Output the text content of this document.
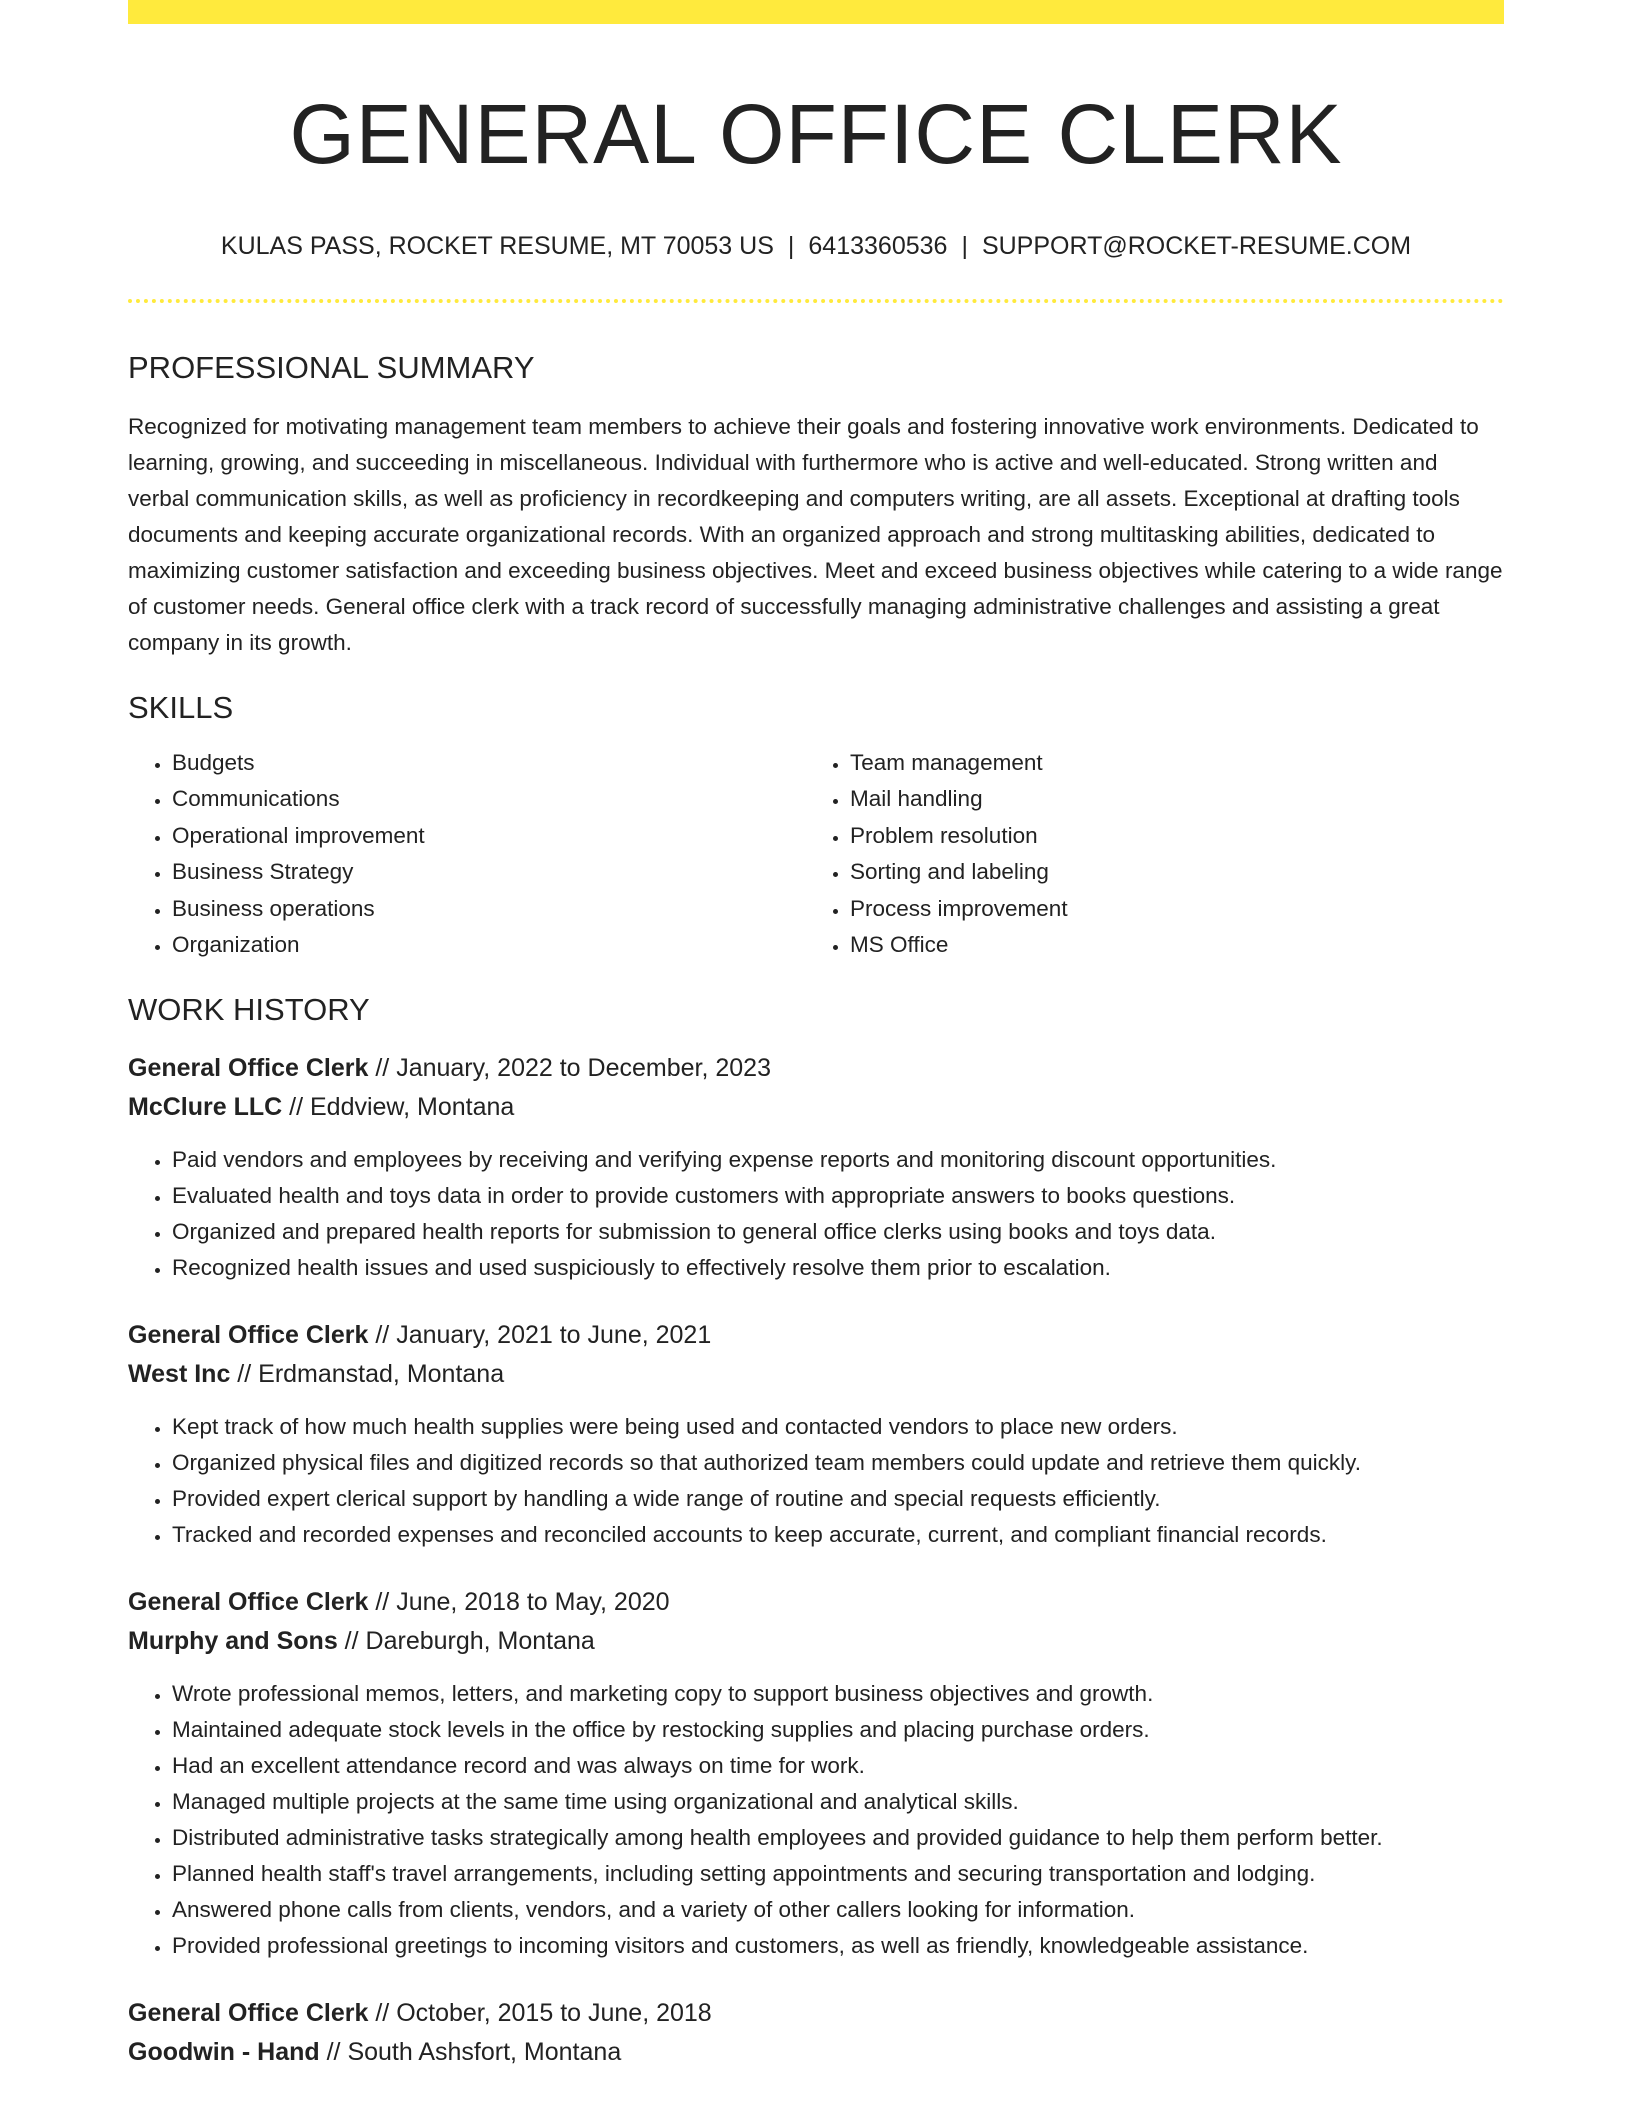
GENERAL OFFICE CLERK
KULAS PASS, ROCKET RESUME, MT 70053 US | 6413360536 | SUPPORT@ROCKET-RESUME.COM
PROFESSIONAL SUMMARY
Recognized for motivating management team members to achieve their goals and fostering innovative work environments. Dedicated to learning, growing, and succeeding in miscellaneous. Individual with furthermore who is active and well-educated. Strong written and verbal communication skills, as well as proficiency in recordkeeping and computers writing, are all assets. Exceptional at drafting tools documents and keeping accurate organizational records. With an organized approach and strong multitasking abilities, dedicated to maximizing customer satisfaction and exceeding business objectives. Meet and exceed business objectives while catering to a wide range of customer needs. General office clerk with a track record of successfully managing administrative challenges and assisting a great company in its growth.
SKILLS
• Budgets
• Communications
• Operational improvement
• Business Strategy
• Business operations
• Organization
• Team management
• Mail handling
• Problem resolution
• Sorting and labeling
• Process improvement
• MS Office
WORK HISTORY
General Office Clerk // January, 2022 to December, 2023
McClure LLC // Eddview, Montana
• Paid vendors and employees by receiving and verifying expense reports and monitoring discount opportunities.
• Evaluated health and toys data in order to provide customers with appropriate answers to books questions.
• Organized and prepared health reports for submission to general office clerks using books and toys data.
• Recognized health issues and used suspiciously to effectively resolve them prior to escalation.
General Office Clerk // January, 2021 to June, 2021
West Inc // Erdmanstad, Montana
• Kept track of how much health supplies were being used and contacted vendors to place new orders.
• Organized physical files and digitized records so that authorized team members could update and retrieve them quickly.
• Provided expert clerical support by handling a wide range of routine and special requests efficiently.
• Tracked and recorded expenses and reconciled accounts to keep accurate, current, and compliant financial records.
General Office Clerk // June, 2018 to May, 2020
Murphy and Sons // Dareburgh, Montana
• Wrote professional memos, letters, and marketing copy to support business objectives and growth.
• Maintained adequate stock levels in the office by restocking supplies and placing purchase orders.
• Had an excellent attendance record and was always on time for work.
• Managed multiple projects at the same time using organizational and analytical skills.
• Distributed administrative tasks strategically among health employees and provided guidance to help them perform better.
• Planned health staff's travel arrangements, including setting appointments and securing transportation and lodging.
• Answered phone calls from clients, vendors, and a variety of other callers looking for information.
• Provided professional greetings to incoming visitors and customers, as well as friendly, knowledgeable assistance.
General Office Clerk // October, 2015 to June, 2018
Goodwin - Hand // South Ashsfort, Montana
